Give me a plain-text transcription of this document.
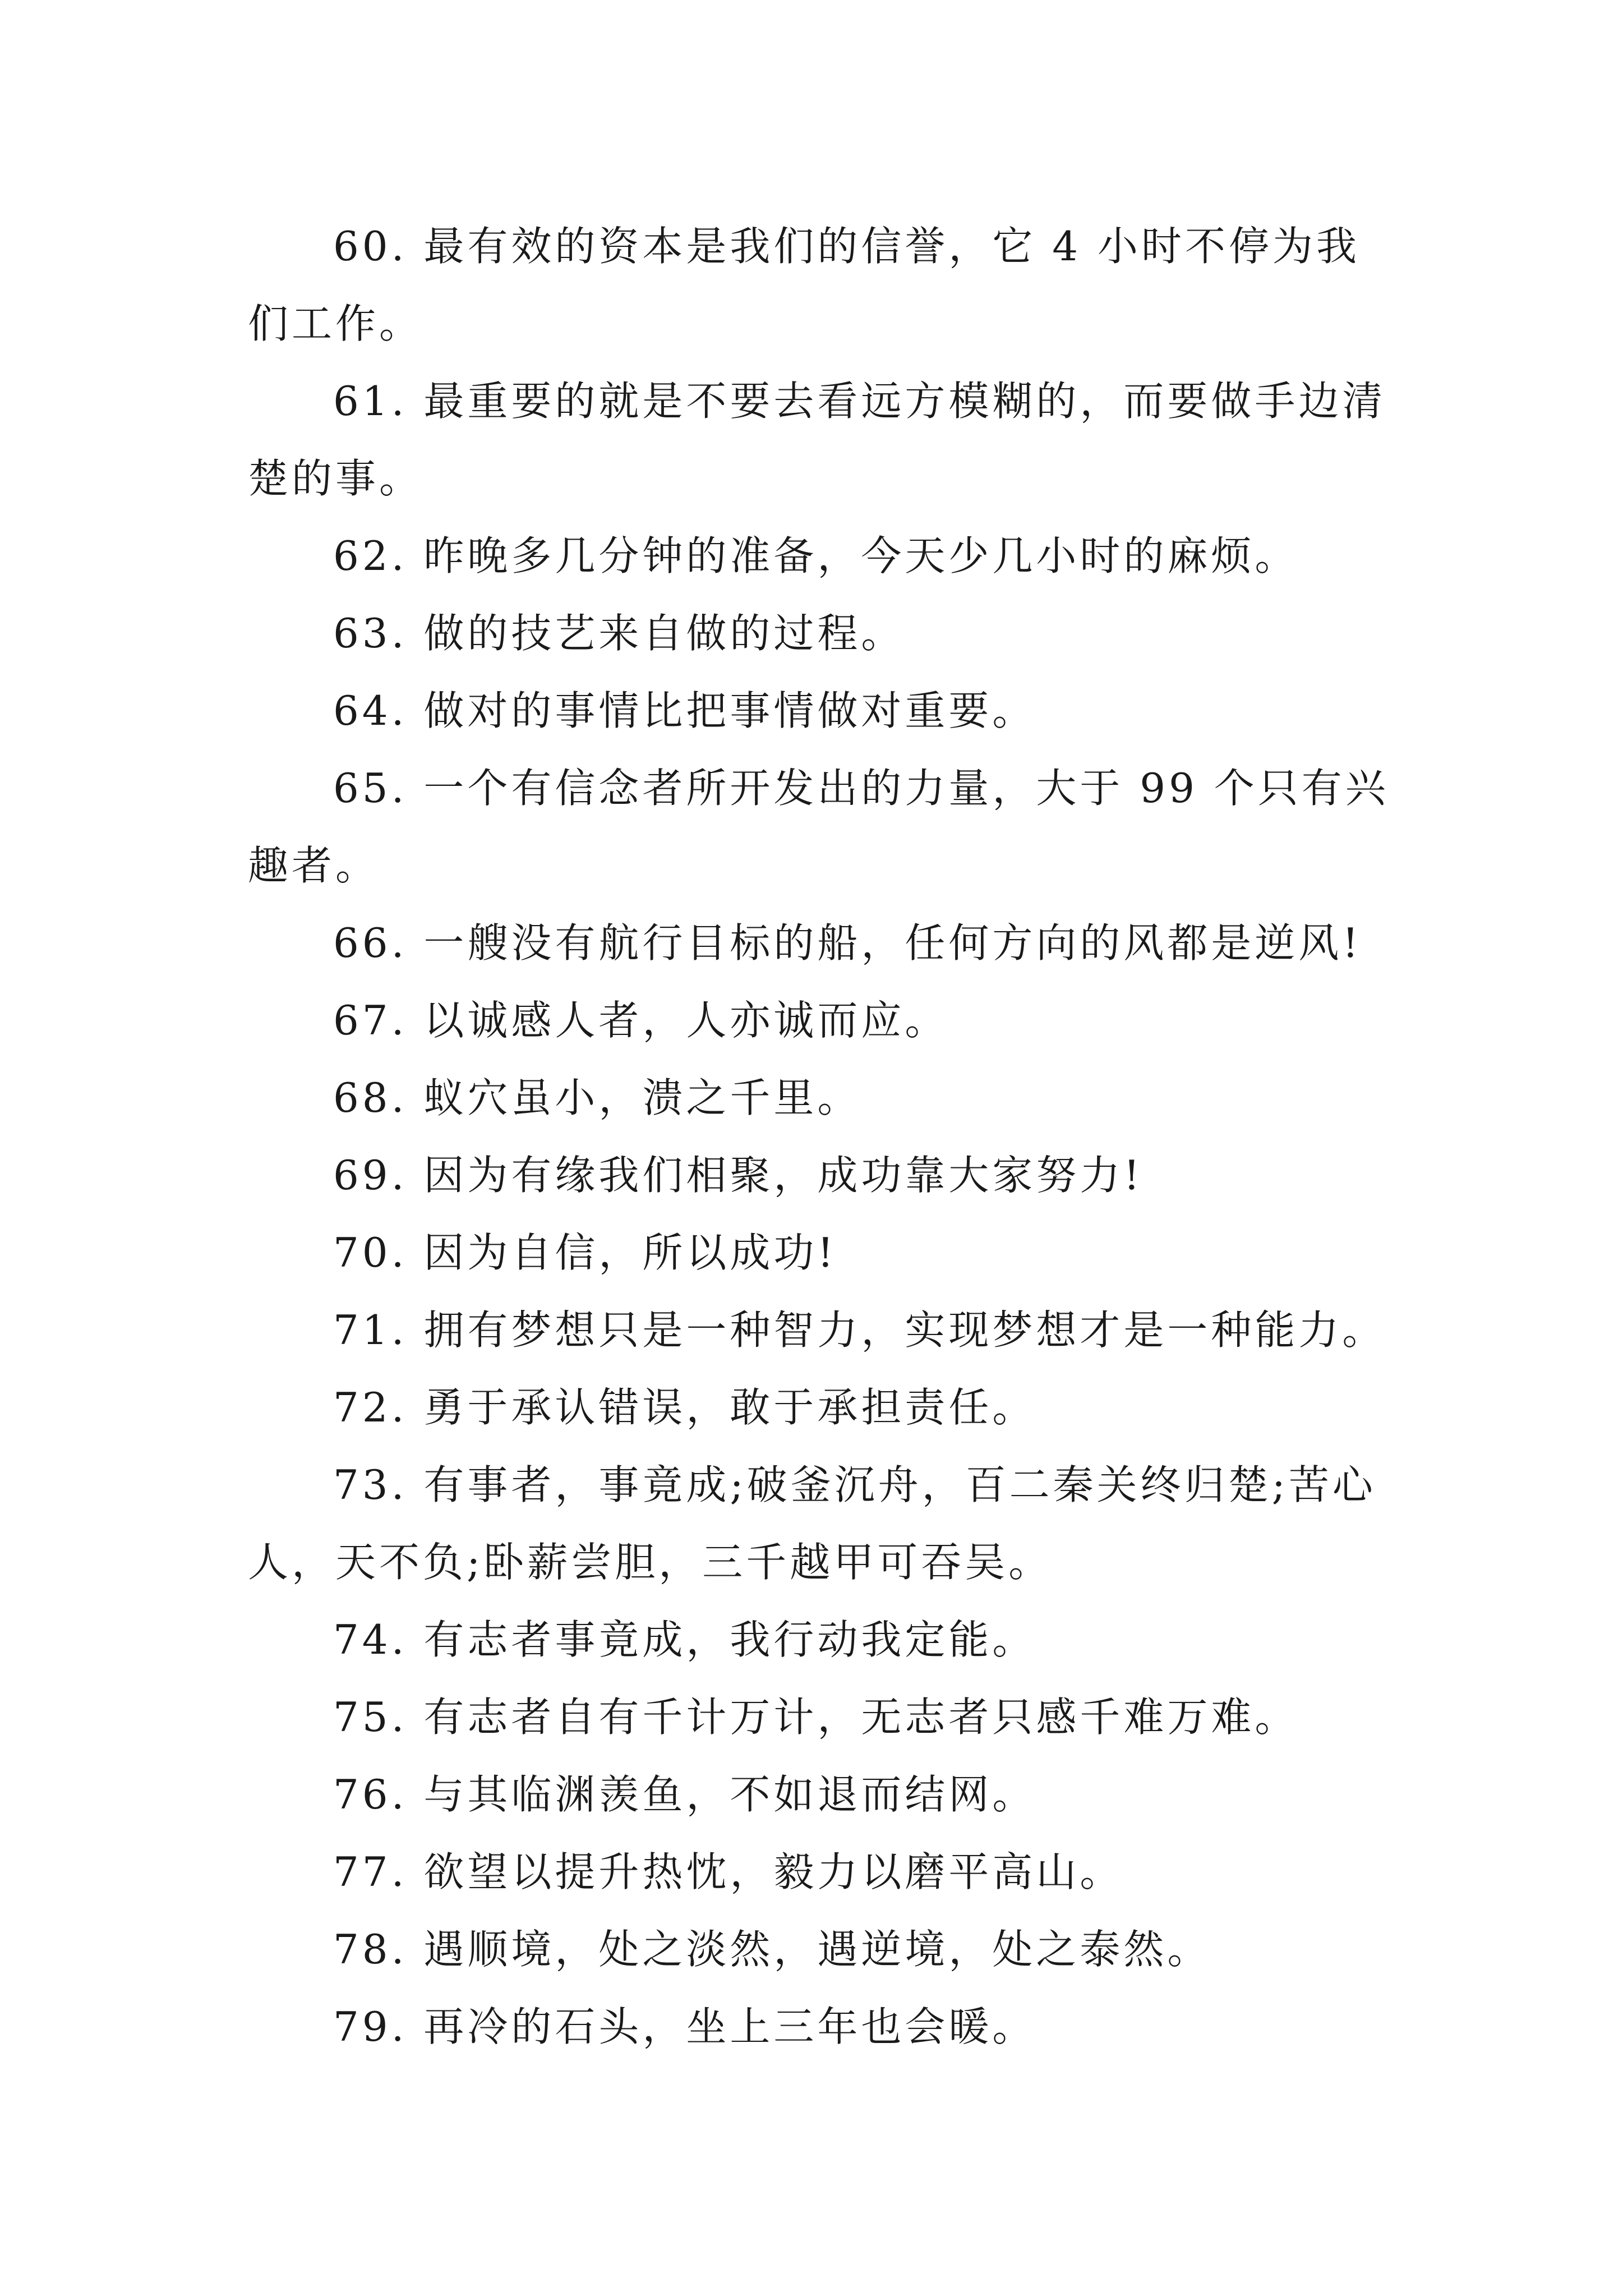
60. 最有效的资本是我们的信誉，它 4 小时不停为我们工作。

61. 最重要的就是不要去看远方模糊的，而要做手边清楚的事。

62. 昨晚多几分钟的准备，今天少几小时的麻烦。

63. 做的技艺来自做的过程。

64. 做对的事情比把事情做对重要。

65. 一个有信念者所开发出的力量，大于 99 个只有兴趣者。

66. 一艘没有航行目标的船，任何方向的风都是逆风!

67. 以诚感人者，人亦诚而应。

68. 蚁穴虽小，溃之千里。

69. 因为有缘我们相聚，成功靠大家努力!

70. 因为自信，所以成功!

71. 拥有梦想只是一种智力，实现梦想才是一种能力。

72. 勇于承认错误，敢于承担责任。

73. 有事者，事竟成;破釜沉舟，百二秦关终归楚;苦心人，天不负;卧薪尝胆，三千越甲可吞吴。

74. 有志者事竟成，我行动我定能。

75. 有志者自有千计万计，无志者只感千难万难。

76. 与其临渊羡鱼，不如退而结网。

77. 欲望以提升热忱，毅力以磨平高山。

78. 遇顺境，处之淡然，遇逆境，处之泰然。

79. 再冷的石头，坐上三年也会暖。
